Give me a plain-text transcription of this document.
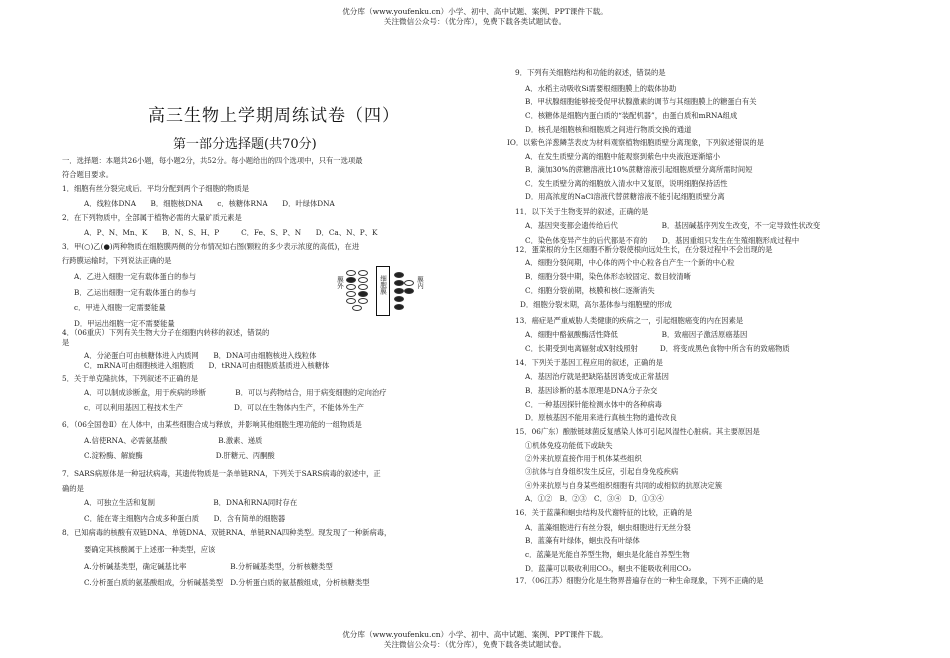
优分库（www.youfenku.cn）小学、初中、高中试题、案例、PPT课件下载。
关注微信公众号：（优分库），免费下载各类试题试卷。
高三生物上学期周练试卷（四）
第一部分选择题(共70分)
一．选择题：本题共26小题，每小题2分，共52分。每小题给出的四个选项中，只有一选项最
符合题目要求。
1．细胞有丝分裂完成后．平均分配到两个子细胞的物质是
A．线粒体DNA　　B．细胞核DNA　　c．核糖体RNA　　D．叶绿体DNA
2．在下列物质中，全部属于植物必需的大量矿质元素是
A．P、N、Mn、K　　B．N、S、H、P　　　C．Fe、S、P、N　　D．Ca、N、P、K
3．甲(○)乙(●)两种物质在细胞膜两侧的分布情况如右图(颗粒的多少表示浓度的高低)，在进
行跨膜运输时，下列说法正确的是
A．乙进入细胞一定有载体蛋白的参与
B．乙运出细胞一定有载体蛋白的参与
c．甲进入细胞一定需要能量
D．甲运出细胞一定不需要能量
4．（06重庆）下列有关生物大分子在细胞内转移的叙述，错误的
是
A．分泌蛋白可由核糖体进入内质网　　B．DNA可由细胞核进入线粒体
C．mRNA可由细胞核进入细胞质　　D．tRNA可由细胞质基质进入核糖体
5．关于单克隆抗体，下列叙述不正确的是
A．可以制成诊断盒，用于疾病的珍断　　　　B．可以与药物结合，用于病变细胞的定向治疗
c．可以利用基因工程技术生产　　　　　　　D．可以在生物体内生产，不能体外生产
6．（06全国卷Ⅱ）在人体中，由某些细胞合成与释放，并影响其他细胞生理功能的一组物质是
A.信使RNA、必需氨基酸　　　　　　　B.激素、递质
C.淀粉酶、解旋酶　　　　　　　　　　D.肝糖元、丙酮酸
7．SARS病原体是一种冠状病毒，其遗传物质是一条单链RNA，下列关于SARS病毒的叙述中，正
确的是
A．可独立生活和复制　　　　　　　　B．DNA和RNA同时存在
C．能在寄主细胞内合成多种蛋白质　　D．含有简单的细胞器
8．已知病毒的核酸有双链DNA、单链DNA、双链RNA、单链RNA四种类型。现发现了一种新病毒，
要确定其核酸属于上述那一种类型，应该
A.分析碱基类型，确定碱基比率　　　　　　B.分析碱基类型，分析核糖类型
C.分析蛋白质的氨基酸组成，分析碱基类型　D.分析蛋白质的氨基酸组成，分析核糖类型
9．下列有关细胞结构和功能的叙述，错误的是
A．水稻主动吸收Si需要根细胞膜上的载体协助
B．甲状腺细胞能够接受促甲状腺激素的调节与其细胞膜上的糖蛋白有关
C．核糖体是细胞内蛋白质的“装配机器”，由蛋白质和mRNA组成
D．核孔是细胞核和细胞质之间进行物质交换的通道
IO．以紫色洋葱鳞茎表皮为材料观察植物细胞质壁分离现象，下列叙述错误的是
A．在发生质壁分离的细胞中能观察到紫色中央液泡逐渐缩小
B．滴加30%的蔗糖溶液比10%蔗糖溶液引起细胞质壁分离所需时间短
C．发生质壁分离的细胞放入清水中又复原，说明细胞保持活性
D．用高浓度的NaCl溶液代替蔗糖溶液不能引起细胞质壁分离
11．以下关于生物变异的叙述，正确的是
A．基因突变都会遗传给后代　　　　　　B．基因碱基序列发生改变，不一定导致性状改变
C．染色体变异产生的后代都是不育的　　D．基因重组只发生在生殖细胞形成过程中
12．蛋菜根的分生区细胞不断分裂使根向远处生长，在分裂过程中不会出现的是
A．细胞分裂间期，中心体的两个中心粒各自产生一个新的中心粒
B．细胞分裂中期，染色体形态较固定、数目较清晰
C．细胞分裂前期，核膜和核仁逐渐消失
D．细胞分裂末期，高尔基体参与细胞壁的形成
13．癌症是严重威胁人类健康的疾病之一，引起细胞癌变的内在因素是
A．细胞中酪氨酸酶活性降低　　　　　　B．致癌因子激活原癌基因
C．长期受到电离辐射或X射线照射　　　D．将变成黑色食物中所含有的致癌物质
14．下列关于基因工程应用的叙述，正确的是
A．基因治疗就是把缺陷基因诱变成正常基因
B．基因诊断的基本原理是DNA分子杂交
C．一种基因探针能检测水体中的各种病毒
D．原核基因不能用来进行真核生物的遗传改良
15．06广东）酿脓链球菌反复感染人体可引起风湿性心脏病。其主要原因是
①机体免疫功能低下或缺失
②外来抗原直接作用于机体某些组织
③抗体与自身组织发生反应，引起自身免疫疾病
④外来抗原与自身某些组织细胞有共同的或相似的抗原决定簇
A．①②　B．②③　C．③④　D．①③④
16．关于蓝藻和蛔虫结构及代谢特征的比较，正确的是
A．蓝藻细胞进行有丝分裂，蛔虫细胞进行无丝分裂
B．蓝藻有叶绿体，蛔虫没有叶绿体
c．蓝藻是光能自养型生物，蛔虫是化能自养型生物
D．蓝藻可以吸收利用CO₂，蛔虫不能吸收利用CO₂
17．（06江苏）细胞分化是生物界普遍存在的一种生命现象，下列不正确的是
膜外	细胞膜	膜内
优分库（www.youfenku.cn）小学、初中、高中试题、案例、PPT课件下载。
关注微信公众号：（优分库），免费下载各类试题试卷。
